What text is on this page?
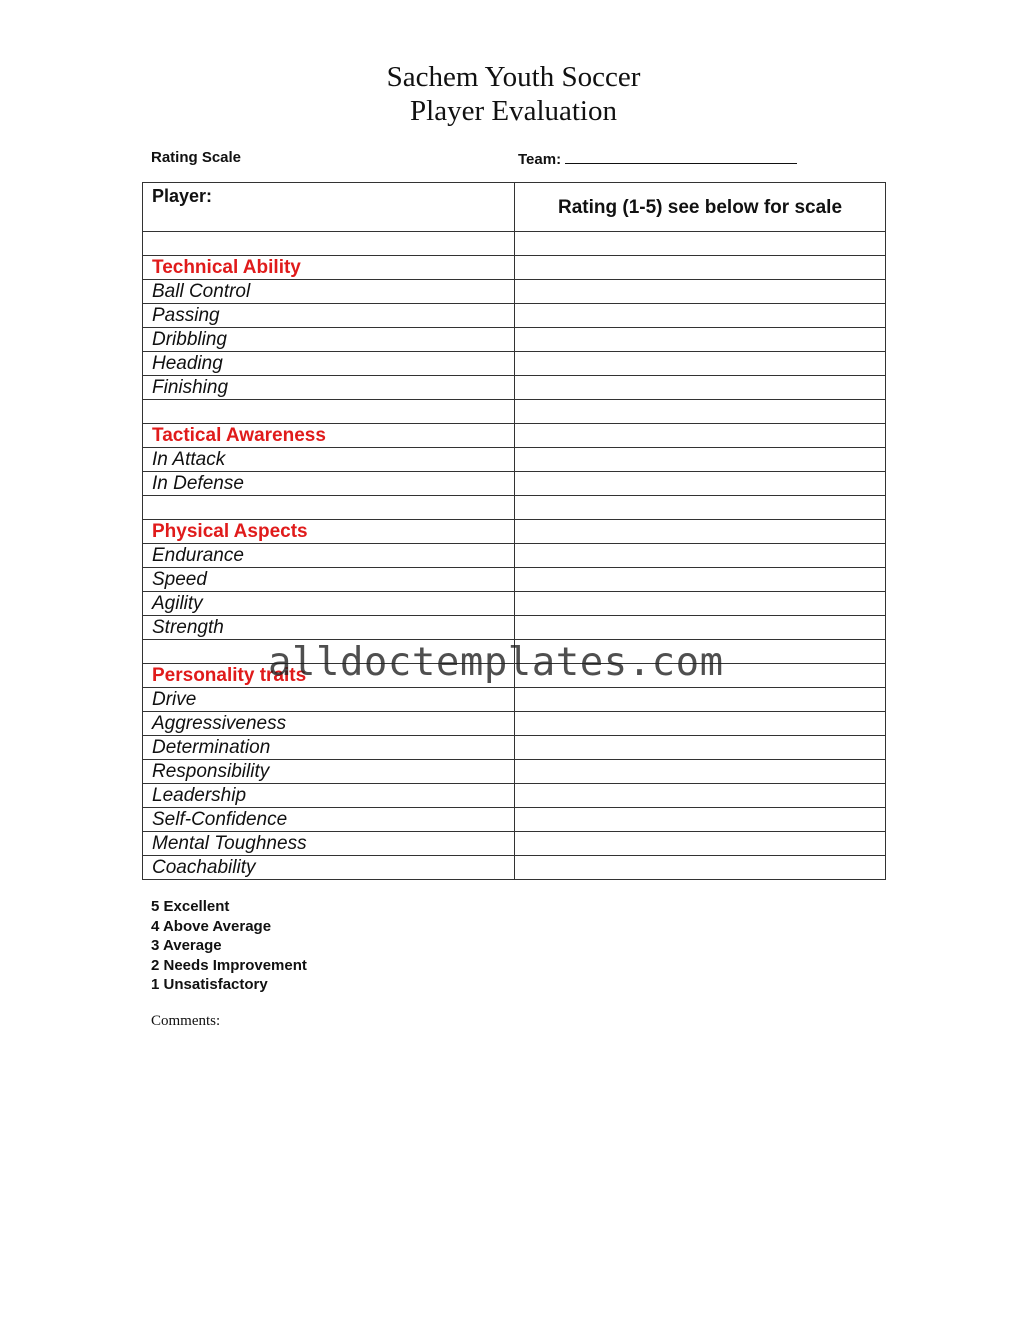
Sachem Youth Soccer
Player Evaluation
Rating Scale	Team:
Player:	Rating (1-5) see below for scale

Technical Ability	
Ball Control	
Passing	
Dribbling	
Heading	
Finishing	

Tactical Awareness	
In Attack	
In Defense	

Physical Aspects	
Endurance	
Speed	
Agility	
Strength	

Personality traits	
Drive	
Aggressiveness	
Determination	
Responsibility	
Leadership	
Self-Confidence	
Mental Toughness	
Coachability	
5 Excellent
4 Above Average
3 Average
2 Needs Improvement
1 Unsatisfactory
Comments:
alldoctemplates.com
